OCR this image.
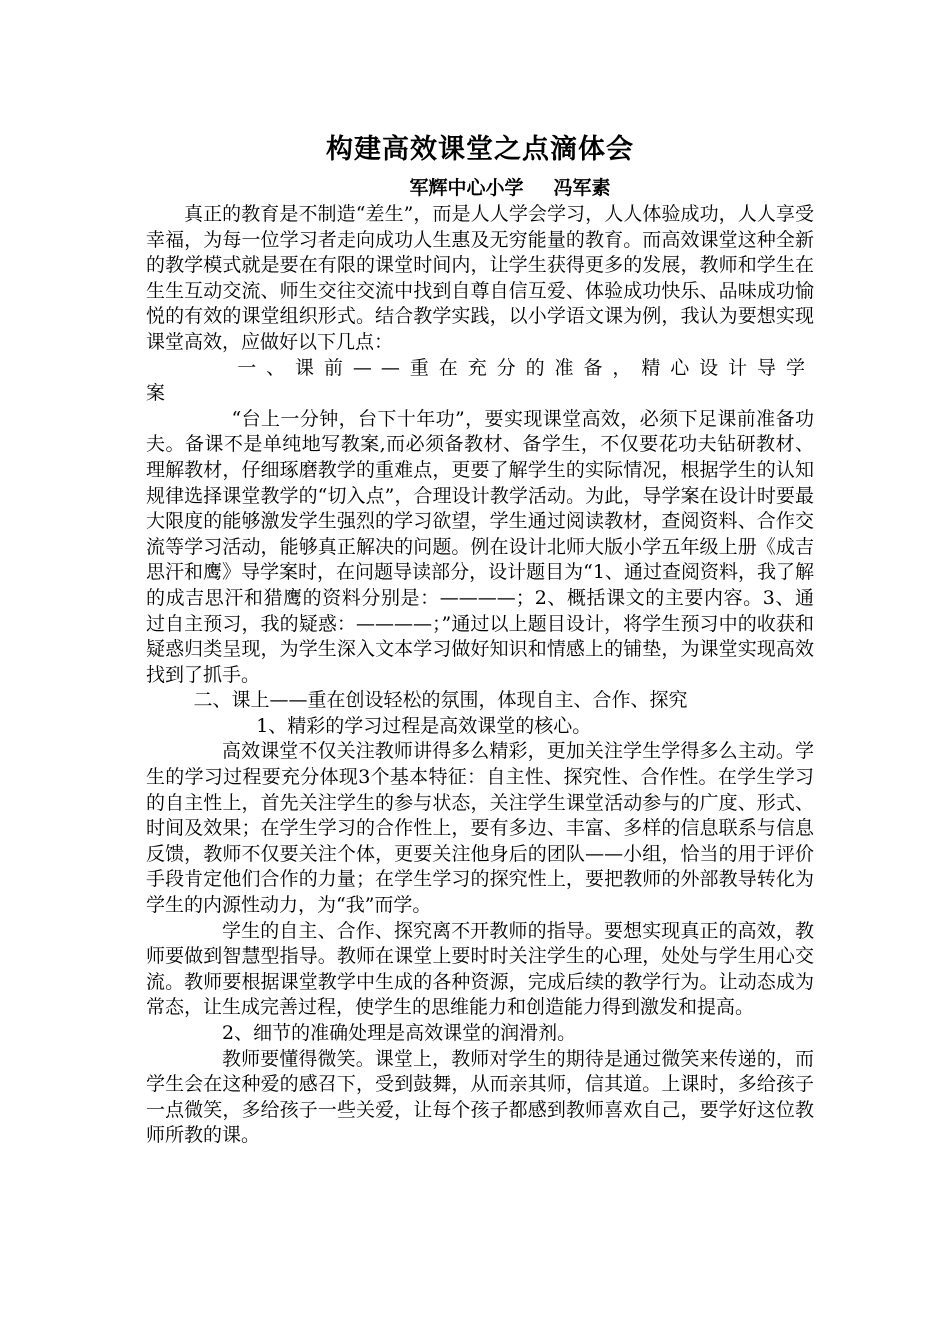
构建高效课堂之点滴体会
军辉中心小学 冯军素

真正的教育是不制造“差生”，而是人人学会学习，人人体验成功，人人享受幸福，为每一位学习者走向成功人生惠及无穷能量的教育。而高效课堂这种全新的教学模式就是要在有限的课堂时间内，让学生获得更多的发展，教师和学生在生生互动交流、师生交往交流中找到自尊自信互爱、体验成功快乐、品味成功愉悦的有效的课堂组织形式。结合教学实践，以小学语文课为例，我认为要想实现课堂高效，应做好以下几点：

一、课前——重在充分的准备，精心设计导学案

“台上一分钟，台下十年功”，要实现课堂高效，必须下足课前准备功夫。备课不是单纯地写教案,而必须备教材、备学生，不仅要花功夫钻研教材、理解教材，仔细琢磨教学的重难点，更要了解学生的实际情况，根据学生的认知规律选择课堂教学的“切入点”，合理设计教学活动。为此，导学案在设计时要最大限度的能够激发学生强烈的学习欲望，学生通过阅读教材，查阅资料、合作交流等学习活动，能够真正解决的问题。例在设计北师大版小学五年级上册《成吉思汗和鹰》导学案时，在问题导读部分，设计题目为“1、通过查阅资料，我了解的成吉思汗和猎鹰的资料分别是：————；2、概括课文的主要内容。3、通过自主预习，我的疑惑：————；”通过以上题目设计，将学生预习中的收获和疑惑归类呈现，为学生深入文本学习做好知识和情感上的铺垫，为课堂实现高效找到了抓手。

二、课上——重在创设轻松的氛围，体现自主、合作、探究

1、精彩的学习过程是高效课堂的核心。

高效课堂不仅关注教师讲得多么精彩，更加关注学生学得多么主动。学生的学习过程要充分体现3个基本特征：自主性、探究性、合作性。在学生学习的自主性上，首先关注学生的参与状态，关注学生课堂活动参与的广度、形式、时间及效果；在学生学习的合作性上，要有多边、丰富、多样的信息联系与信息反馈，教师不仅要关注个体，更要关注他身后的团队——小组，恰当的用于评价手段肯定他们合作的力量；在学生学习的探究性上，要把教师的外部教导转化为学生的内源性动力，为“我”而学。

学生的自主、合作、探究离不开教师的指导。要想实现真正的高效，教师要做到智慧型指导。教师在课堂上要时时关注学生的心理，处处与学生用心交流。教师要根据课堂教学中生成的各种资源，完成后续的教学行为。让动态成为常态，让生成完善过程，使学生的思维能力和创造能力得到激发和提高。

2、细节的准确处理是高效课堂的润滑剂。

教师要懂得微笑。课堂上，教师对学生的期待是通过微笑来传递的，而学生会在这种爱的感召下，受到鼓舞，从而亲其师，信其道。上课时，多给孩子一点微笑，多给孩子一些关爱，让每个孩子都感到教师喜欢自己，要学好这位教师所教的课。
